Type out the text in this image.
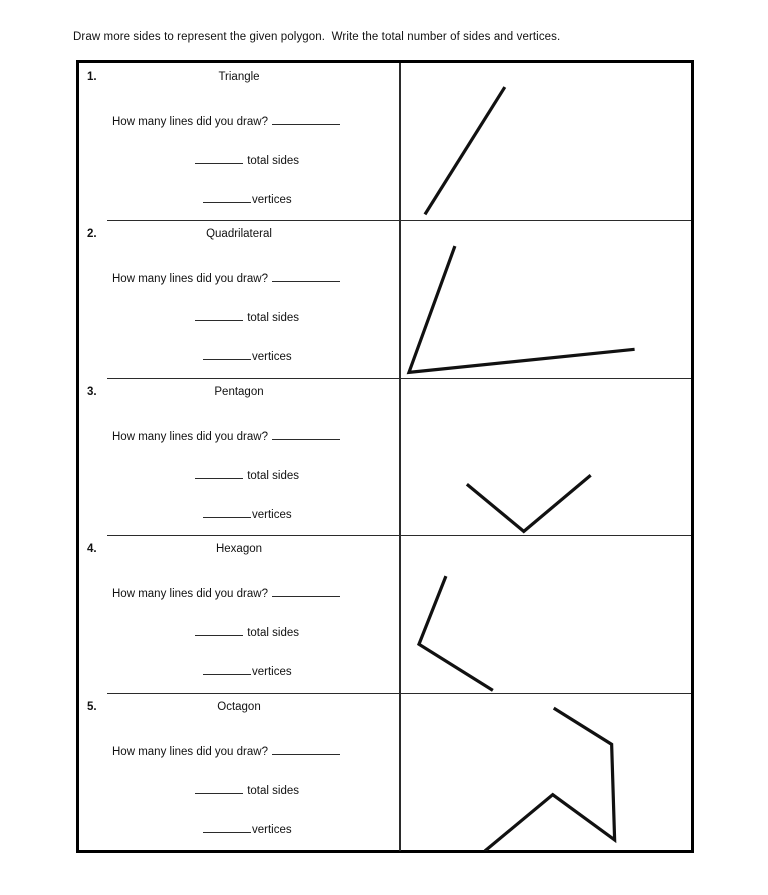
Draw more sides to represent the given polygon.  Write the total number of sides and vertices.
1.	Triangle
How many lines did you draw?
total sides
vertices
2.	Quadrilateral
How many lines did you draw?
total sides
vertices
3.	Pentagon
How many lines did you draw?
total sides
vertices
4.	Hexagon
How many lines did you draw?
total sides
vertices
5.	Octagon
How many lines did you draw?
total sides
vertices
